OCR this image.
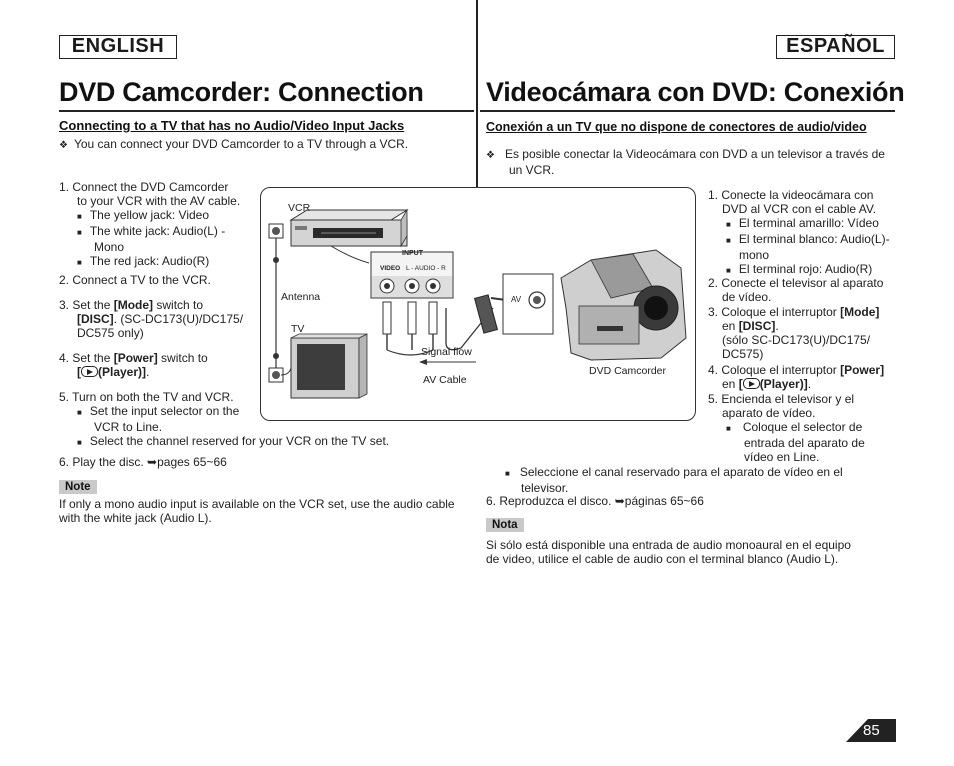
ENGLISH	ESPAÑOL
DVD Camcorder: Connection Videocámara con DVD: Conexión
Connecting to a TV that has no Audio/Video Input Jacks
❖ You can connect your DVD Camcorder to a TV through a VCR.
1. Connect the DVD Camcorder
to your VCR with the AV cable.
■ The yellow jack: Video
■ The white jack: Audio(L) -
Mono
■ The red jack: Audio(R)
2. Connect a TV to the VCR.
3. Set the [Mode] switch to
[DISC]. (SC-DC173(U)/DC175/
DC575 only)
4. Set the [Power] switch to
[ (Player)].
5. Turn on both the TV and VCR.
■ Set the input selector on the
VCR to Line.
■ Select the channel reserved for your VCR on the TV set.
6. Play the disc. ➥pages 65~66
Note
If only a mono audio input is available on the VCR set, use the audio cable
with the white jack (Audio L).
Conexión a un TV que no dispone de conectores de audio/video
❖ Es posible conectar la Videocámara con DVD a un televisor a través de
un VCR.
1. Conecte la videocámara con
DVD al VCR con el cable AV.
■ El terminal amarillo: Vídeo
■ El terminal blanco: Audio(L)-
mono
■ El terminal rojo: Audio(R)
2. Conecte el televisor al aparato
de vídeo.
3. Coloque el interruptor [Mode]
en [DISC].
(sólo SC-DC173(U)/DC175/
DC575)
4. Coloque el interruptor [Power]
en [ (Player)].
5. Encienda el televisor y el
aparato de vídeo.
■ Coloque el selector de
entrada del aparato de
vídeo en Line.
■ Seleccione el canal reservado para el aparato de vídeo en el
televisor.
6. Reproduzca el disco. ➥páginas 65~66
Nota
Si sólo está disponible una entrada de audio monoaural en el equipo
de video, utilice el cable de audio con el terminal blanco (Audio L).
VCR
INPUT
VIDEO L - AUDIO - R
Antenna
TV
Signal flow
AV Cable
AV
DVD Camcorder
85
